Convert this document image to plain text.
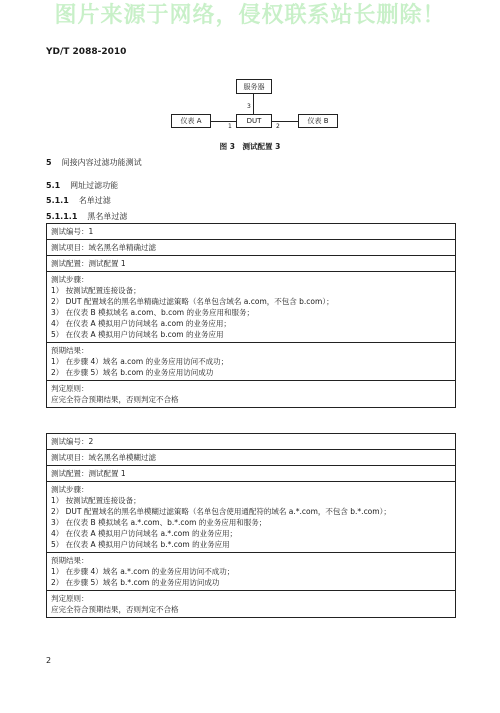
图片来源于网络，侵权联系站长删除！
YD/T 2088-2010
服务器
3
仪表 A
1
DUT
2
仪表 B
图 3　测试配置 3
5 间接内容过滤功能测试
5.1 网址过滤功能
5.1.1 名单过滤
5.1.1.1 黑名单过滤
测试编号：1
测试项目：域名黑名单精确过滤
测试配置：测试配置 1
测试步骤：
1） 按测试配置连接设备；
2） DUT 配置域名的黑名单精确过滤策略（名单包含域名 a.com，不包含 b.com）；
3） 在仪表 B 模拟域名 a.com、b.com 的业务应用和服务；
4） 在仪表 A 模拟用户访问域名 a.com 的业务应用；
5） 在仪表 A 模拟用户访问域名 b.com 的业务应用
预期结果：
1） 在步骤 4）域名 a.com 的业务应用访问不成功；
2） 在步骤 5）域名 b.com 的业务应用访问成功
判定原则：
应完全符合预期结果，否则判定不合格
测试编号：2
测试项目：域名黑名单模糊过滤
测试配置：测试配置 1
测试步骤：
1） 按测试配置连接设备；
2） DUT 配置域名的黑名单模糊过滤策略（名单包含使用通配符的域名 a.*.com，不包含 b.*.com）；
3） 在仪表 B 模拟域名 a.*.com、b.*.com 的业务应用和服务；
4） 在仪表 A 模拟用户访问域名 a.*.com 的业务应用；
5） 在仪表 A 模拟用户访问域名 b.*.com 的业务应用
预期结果：
1） 在步骤 4）域名 a.*.com 的业务应用访问不成功；
2） 在步骤 5）域名 b.*.com 的业务应用访问成功
判定原则：
应完全符合预期结果，否则判定不合格
2
